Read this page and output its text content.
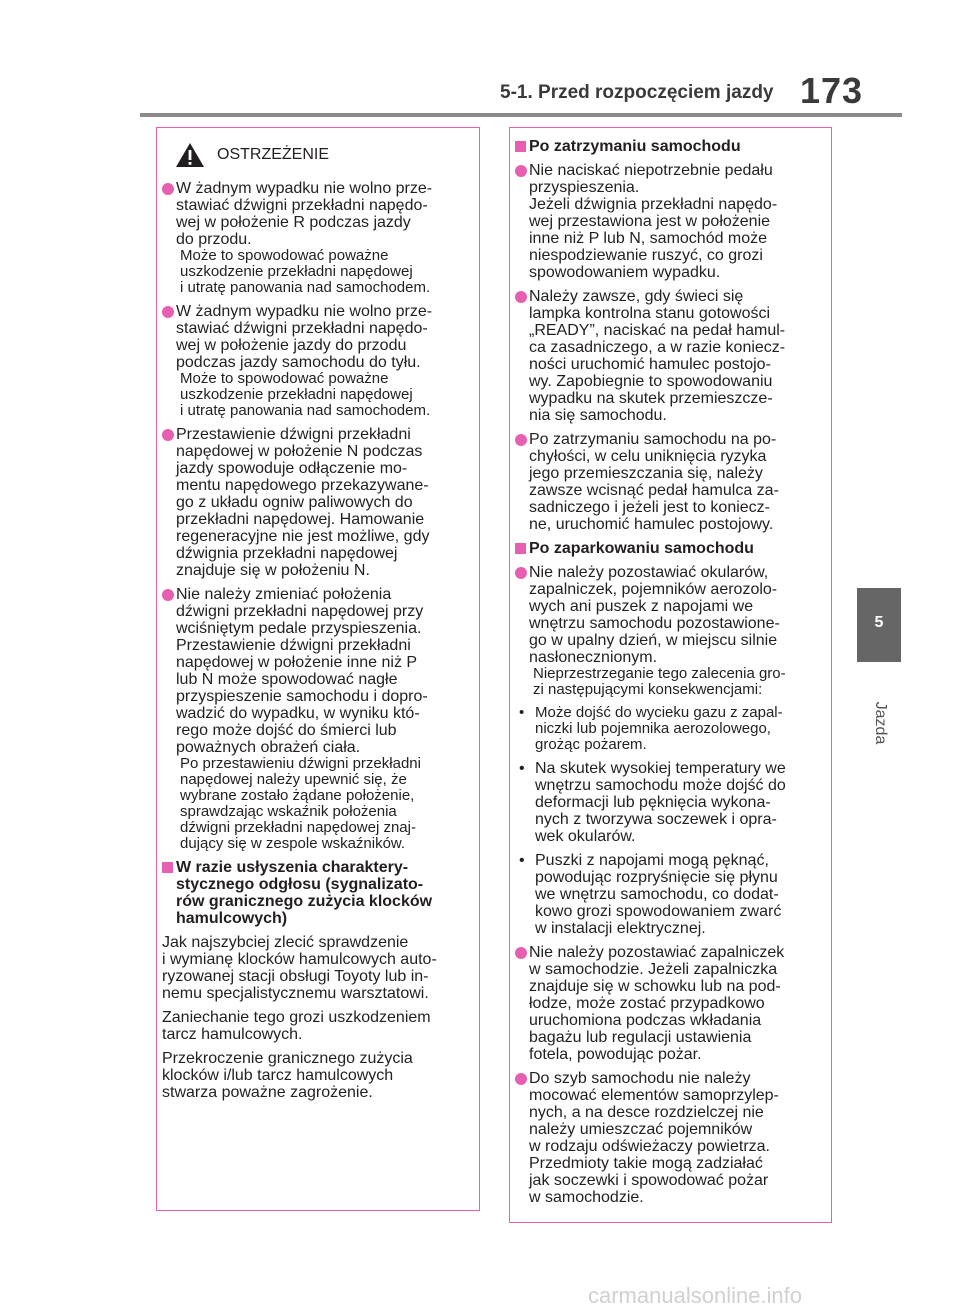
5-1. Przed rozpoczęciem jazdy 173
5
Jazda
OSTRZEŻENIE
W żadnym wypadku nie wolno prze-
stawiać dźwigni przekładni napędo-
wej w położenie R podczas jazdy
do przodu.
Może to spowodować poważne
uszkodzenie przekładni napędowej
i utratę panowania nad samochodem.
W żadnym wypadku nie wolno prze-
stawiać dźwigni przekładni napędo-
wej w położenie jazdy do przodu
podczas jazdy samochodu do tyłu.
Może to spowodować poważne
uszkodzenie przekładni napędowej
i utratę panowania nad samochodem.
Przestawienie dźwigni przekładni
napędowej w położenie N podczas
jazdy spowoduje odłączenie mo-
mentu napędowego przekazywane-
go z układu ogniw paliwowych do
przekładni napędowej. Hamowanie
regeneracyjne nie jest możliwe, gdy
dźwignia przekładni napędowej
znajduje się w położeniu N.
Nie należy zmieniać położenia
dźwigni przekładni napędowej przy
wciśniętym pedale przyspieszenia.
Przestawienie dźwigni przekładni
napędowej w położenie inne niż P
lub N może spowodować nagłe
przyspieszenie samochodu i dopro-
wadzić do wypadku, w wyniku któ-
rego może dojść do śmierci lub
poważnych obrażeń ciała.
Po przestawieniu dźwigni przekładni
napędowej należy upewnić się, że
wybrane zostało żądane położenie,
sprawdzając wskaźnik położenia
dźwigni przekładni napędowej znaj-
dujący się w zespole wskaźników.
W razie usłyszenia charaktery-
stycznego odgłosu (sygnalizato-
rów granicznego zużycia klocków
hamulcowych)
Jak najszybciej zlecić sprawdzenie
i wymianę klocków hamulcowych auto-
ryzowanej stacji obsługi Toyoty lub in-
nemu specjalistycznemu warsztatowi.
Zaniechanie tego grozi uszkodzeniem
tarcz hamulcowych.
Przekroczenie granicznego zużycia
klocków i/lub tarcz hamulcowych
stwarza poważne zagrożenie.
Po zatrzymaniu samochodu
Nie naciskać niepotrzebnie pedału
przyspieszenia.
Jeżeli dźwignia przekładni napędo-
wej przestawiona jest w położenie
inne niż P lub N, samochód może
niespodziewanie ruszyć, co grozi
spowodowaniem wypadku.
Należy zawsze, gdy świeci się
lampka kontrolna stanu gotowości
„READY”, naciskać na pedał hamul-
ca zasadniczego, a w razie koniecz-
ności uruchomić hamulec postojo-
wy. Zapobiegnie to spowodowaniu
wypadku na skutek przemieszcze-
nia się samochodu.
Po zatrzymaniu samochodu na po-
chyłości, w celu uniknięcia ryzyka
jego przemieszczania się, należy
zawsze wcisnąć pedał hamulca za-
sadniczego i jeżeli jest to koniecz-
ne, uruchomić hamulec postojowy.
Po zaparkowaniu samochodu
Nie należy pozostawiać okularów,
zapalniczek, pojemników aerozolo-
wych ani puszek z napojami we
wnętrzu samochodu pozostawione-
go w upalny dzień, w miejscu silnie
nasłonecznionym.
Nieprzestrzeganie tego zalecenia gro-
zi następującymi konsekwencjami:
• Może dojść do wycieku gazu z zapal-
niczki lub pojemnika aerozolowego,
grożąc pożarem.
• Na skutek wysokiej temperatury we
wnętrzu samochodu może dojść do
deformacji lub pęknięcia wykona-
nych z tworzywa soczewek i opra-
wek okularów.
• Puszki z napojami mogą pęknąć,
powodując rozpryśnięcie się płynu
we wnętrzu samochodu, co dodat-
kowo grozi spowodowaniem zwarć
w instalacji elektrycznej.
Nie należy pozostawiać zapalniczek
w samochodzie. Jeżeli zapalniczka
znajduje się w schowku lub na pod-
łodze, może zostać przypadkowo
uruchomiona podczas wkładania
bagażu lub regulacji ustawienia
fotela, powodując pożar.
Do szyb samochodu nie należy
mocować elementów samoprzylep-
nych, a na desce rozdzielczej nie
należy umieszczać pojemników
w rodzaju odświeżaczy powietrza.
Przedmioty takie mogą zadziałać
jak soczewki i spowodować pożar
w samochodzie.
carmanualsonline.info
